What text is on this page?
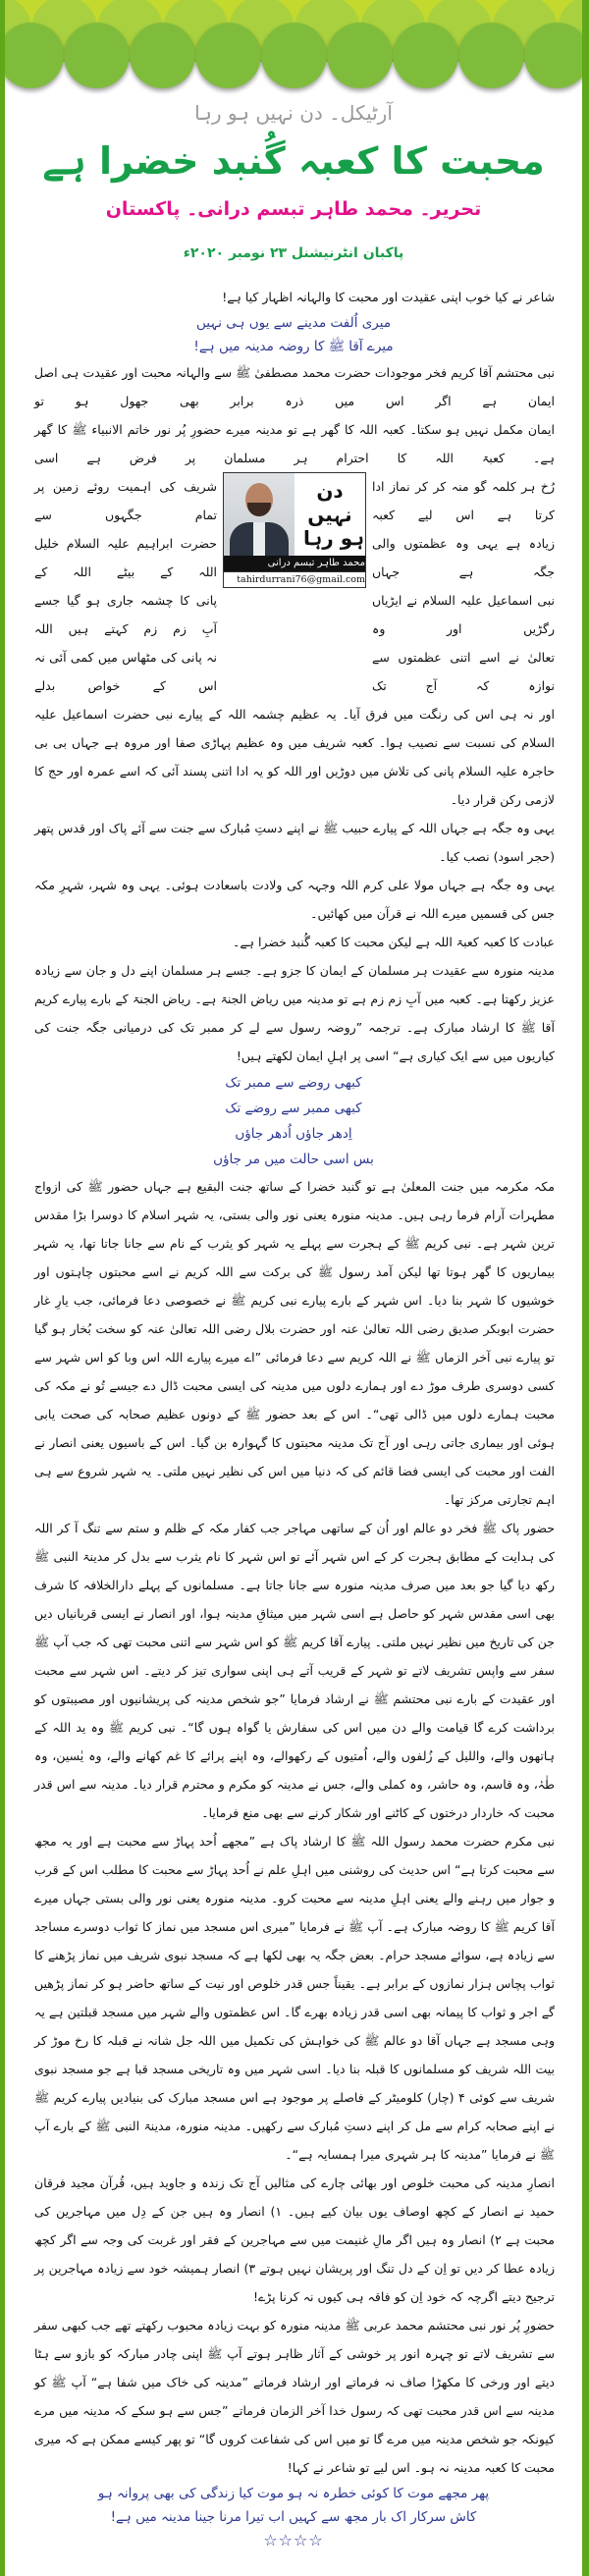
آرٹیکل۔ دن نہیں ہو رہا
محبت کا کعبہ گُنبد خضرا ہے
تحریر۔ محمد طاہر تبسم درانی۔ پاکستان
پاکبان انٹرنیشنل ۲۳ نومبر ۲۰۲۰ء

شاعر نے کیا خوب اپنی عقیدت اور محبت کا والہانہ اظہار کیا ہے!

میری اُلفت مدینے سے یوں ہی نہیں
میرے آقا ﷺ کا روضہ مدینہ میں ہے!
نبی محتشم آقا کریم فخر موجودات حضرت محمد مصطفیٰ ﷺ سے والہانہ محبت اور عقیدت ہی اصل ایمان ہے اگر اس میں ذرہ برابر بھی جھول ہو تو
ایمان مکمل نہیں ہو سکتا۔ کعبہ اللہ کا گھر ہے تو مدینہ میرے حضورِ پُر نور خاتم الانبیاء ﷺ کا گھر ہے۔ کعبۃ اللہ کا احترام ہر مسلمان پر فرض ہے اسی
رُخ ہر کلمہ گو منہ کر کر نماز ادا کرتا ہے اس لیے کعبہ
زیادہ ہے یہی وہ عظمتوں والی جگہ ہے جہاں
نبی اسماعیل علیہ السلام نے ایڑیاں رگڑیں اور وہ
تعالیٰ نے اسے اتنی عظمتوں سے نوازہ کہ آج تک
دن نہیں ہو رہا
محمد طاہر تبسم درانی
tahirdurrani76@gmail.com
شریف کی اہمیت روئے زمین پر تمام جگہوں سے
حضرت ابراہیم علیہ السلام خلیل اللہ کے بیٹے اللہ کے
پانی کا چشمہ جاری ہو گیا جسے آبِ زم زم کہتے ہیں اللہ
نہ پانی کی مٹھاس میں کمی آئی نہ اس کے خواص بدلے

اور نہ ہی اس کی رنگت میں فرق آیا۔ یہ عظیم چشمہ اللہ کے پیارے نبی حضرت اسماعیل علیہ السلام کی نسبت سے نصیب ہوا۔ کعبہ شریف میں وہ عظیم پہاڑی صفا اور مروہ ہے جہاں بی بی حاجرہ علیہ السلام پانی کی تلاش میں دوڑیں اور اللہ کو یہ ادا اتنی پسند آئی کہ اسے عمرہ اور حج کا لازمی رکن قرار دیا۔

یہی وہ جگہ ہے جہاں اللہ کے پیارے حبیب ﷺ نے اپنے دستِ مُبارک سے جنت سے آئے پاک اور قدس پتھر (حجر اسود) نصب کیا۔

یہی وہ جگہ ہے جہاں مولا علی کرم اللہ وجہہ کی ولادت باسعادت ہوئی۔ یہی وہ شہر، شہرِ مکہ جس کی قسمیں میرے اللہ نے قرآن میں کھائیں۔

عبادت کا کعبہ کعبۃ اللہ ہے لیکن محبت کا کعبہ گُنبد خضرا ہے۔

مدینہ منورہ سے عقیدت ہر مسلمان کے ایمان کا جزو ہے۔ جسے ہر مسلمان اپنے دل و جان سے زیادہ عزیز رکھتا ہے۔ کعبہ میں آبِ زم زم ہے تو مدینہ میں ریاض الجنۃ ہے۔ ریاض الجنۃ کے بارے پیارے کریم آقا ﷺ کا ارشاد مبارک ہے۔ ترجمہ ”روضہ رسول سے لے کر ممبر تک کی درمیانی جگہ جنت کی کیاریوں میں سے ایک کیاری ہے“ اسی پر اہلِ ایمان لکھتے ہیں!

کبھی روضے سے ممبر تک
کبھی ممبر سے روضے تک
اِدھر جاؤں اُدھر جاؤں
بس اسی حالت میں مر جاؤں

مکہ مکرمہ میں جنت المعلیٰ ہے تو گنبد خضرا کے ساتھ جنت البقیع ہے جہاں حضور ﷺ کی ازواج مطہرات آرام فرما رہی ہیں۔ مدینہ منورہ یعنی نور والی بستی، یہ شہر اسلام کا دوسرا بڑا مقدس ترین شہر ہے۔ نبی کریم ﷺ کے ہجرت سے پہلے یہ شہر کو یثرب کے نام سے جانا جاتا تھا، یہ شہر بیماریوں کا گھر ہوتا تھا لیکن آمد رسول ﷺ کی برکت سے اللہ کریم نے اسے محبتوں چاہتوں اور خوشیوں کا شہر بنا دیا۔ اس شہر کے بارے پیارے نبی کریم ﷺ نے خصوصی دعا فرمائی، جب یارِ غار حضرت ابوبکر صدیق رضی اللہ تعالیٰ عنہ اور حضرت بلال رضی اللہ تعالیٰ عنہ کو سخت بُخار ہو گیا تو پیارے نبی آخر الزماں ﷺ نے اللہ کریم سے دعا فرمائی ”اے میرے پیارے اللہ اس وبا کو اس شہر سے کسی دوسری طرف موڑ دے اور ہمارے دلوں میں مدینہ کی ایسی محبت ڈال دے جیسے تُو نے مکہ کی محبت ہمارے دلوں میں ڈالی تھی“۔ اس کے بعد حضور ﷺ کے دونوں عظیم صحابہ کی صحت یابی ہوئی اور بیماری جاتی رہی اور آج تک مدینہ محبتوں کا گہوارہ بن گیا۔ اس کے باسیوں یعنی انصار نے الفت اور محبت کی ایسی فضا قائم کی کہ دنیا میں اس کی نظیر نہیں ملتی۔ یہ شہر شروع سے ہی اہم تجارتی مرکز تھا۔

حضور پاک ﷺ فخر دو عالم اور اُن کے ساتھی مہاجر جب کفار مکہ کے ظلم و ستم سے تنگ آ کر اللہ کی ہدایت کے مطابق ہجرت کر کے اس شہر آئے تو اس شہر کا نام یثرب سے بدل کر مدینۃ النبی ﷺ رکھ دیا گیا جو بعد میں صرف مدینہ منورہ سے جانا جاتا ہے۔ مسلمانوں کے پہلے دارالخلافہ کا شرف بھی اسی مقدس شہر کو حاصل ہے اسی شہر میں میثاقِ مدینہ ہوا، اور انصار نے ایسی قربانیاں دیں جن کی تاریخ میں نظیر نہیں ملتی۔ پیارے آقا کریم ﷺ کو اس شہر سے اتنی محبت تھی کہ جب آپ ﷺ سفر سے واپس تشریف لاتے تو شہر کے قریب آتے ہی اپنی سواری تیز کر دیتے۔ اس شہر سے محبت اور عقیدت کے بارے نبی محتشم ﷺ نے ارشاد فرمایا ”جو شخص مدینہ کی پریشانیوں اور مصیبتوں کو برداشت کرے گا قیامت والے دن میں اس کی سفارش یا گواہ ہوں گا“۔ نبی کریم ﷺ وہ ید اللہ کے ہاتھوں والے، واللیل کے زُلفوں والے، اُمتیوں کے رکھوالے، وہ اپنے پرائے کا غم کھانے والے، وہ یٰسین، وہ طٰہٰ، وہ قاسم، وہ حاشر، وہ کملی والے، جس نے مدینہ کو مکرم و محترم قرار دیا۔ مدینہ سے اس قدر محبت کہ خاردار درختوں کے کاٹنے اور شکار کرنے سے بھی منع فرمایا۔

نبی مکرم حضرت محمد رسول اللہ ﷺ کا ارشاد پاک ہے ”مجھے اُحد پہاڑ سے محبت ہے اور یہ مجھ سے محبت کرتا ہے“ اس حدیث کی روشنی میں اہلِ علم نے اُحد پہاڑ سے محبت کا مطلب اس کے قرب و جوار میں رہنے والے یعنی اہلِ مدینہ سے محبت کرو۔ مدینہ منورہ یعنی نور والی بستی جہاں میرے آقا کریم ﷺ کا روضہ مبارک ہے۔ آپ ﷺ نے فرمایا ”میری اس مسجد میں نماز کا ثواب دوسرے مساجد سے زیادہ ہے، سوائے مسجد حرام۔ بعض جگہ یہ بھی لکھا ہے کہ مسجد نبوی شریف میں نماز پڑھنے کا ثواب پچاس ہزار نمازوں کے برابر ہے۔ یقیناً جس قدر خلوص اور نیت کے ساتھ حاضر ہو کر نماز پڑھیں گے اجر و ثواب کا پیمانہ بھی اسی قدر زیادہ بھرے گا۔ اس عظمتوں والے شہر میں مسجد قبلتین ہے یہ وہی مسجد ہے جہاں آقا دو عالم ﷺ کی خواہش کی تکمیل میں اللہ جل شانہ نے قبلہ کا رخ موڑ کر بیت اللہ شریف کو مسلمانوں کا قبلہ بنا دیا۔ اسی شہر میں وہ تاریخی مسجد قبا ہے جو مسجد نبوی شریف سے کوئی ۴ (چار) کلومیٹر کے فاصلے پر موجود ہے اس مسجد مبارک کی بنیادیں پیارے کریم ﷺ نے اپنے صحابہ کرام سے مل کر اپنے دستِ مُبارک سے رکھیں۔ مدینہ منورہ، مدینۃ النبی ﷺ کے بارے آپ ﷺ نے فرمایا ”مدینہ کا ہر شہری میرا ہمسایہ ہے“۔

انصارِ مدینہ کی محبت خلوص اور بھائی چارے کی مثالیں آج تک زندہ و جاوید ہیں، قُرآن مجید فرقان حمید نے انصار کے کچھ اوصاف یوں بیان کیے ہیں۔ ۱) انصار وہ ہیں جن کے دِل میں مہاجرین کی محبت ہے ۲) انصار وہ ہیں اگر مالِ غنیمت میں سے مہاجرین کے فقر اور غربت کی وجہ سے اگر کچھ زیادہ عطا کر دیں تو اِن کے دل تنگ اور پریشان نہیں ہوتے ۳) انصار ہمیشہ خود سے زیادہ مہاجرین پر ترجیح دیتے اگرچہ کہ خود اِن کو فاقہ ہی کیوں نہ کرنا پڑے!

حضورِ پُر نور نبی محتشم محمد عربی ﷺ مدینہ منورہ کو بہت زیادہ محبوب رکھتے تھے جب کبھی سفر سے تشریف لاتے تو چہرہ انور پر خوشی کے آثار ظاہر ہوتے آپ ﷺ اپنی چادر مبارکہ کو بازو سے ہٹا دیتے اور ورخی کا مکھڑا صاف نہ فرماتے اور ارشاد فرماتے ”مدینہ کی خاک میں شفا ہے“ آپ ﷺ کو مدینہ سے اس قدر محبت تھی کہ رسول خدا آخر الزمان فرماتے ”جس سے ہو سکے کہ مدینہ میں مرے کیونکہ جو شخص مدینہ میں مرے گا تو میں اس کی شفاعت کروں گا“ تو پھر کیسے ممکن ہے کہ میری محبت کا کعبہ مدینہ نہ ہو۔ اس لیے تو شاعر نے کہا!

پھر مجھے موت کا کوئی خطرہ نہ ہو موت کیا زندگی کی بھی پروانہ ہو
کاش سرکار اک بار مجھ سے کہیں اب تیرا مرنا جینا مدینہ میں ہے!
☆☆☆☆
